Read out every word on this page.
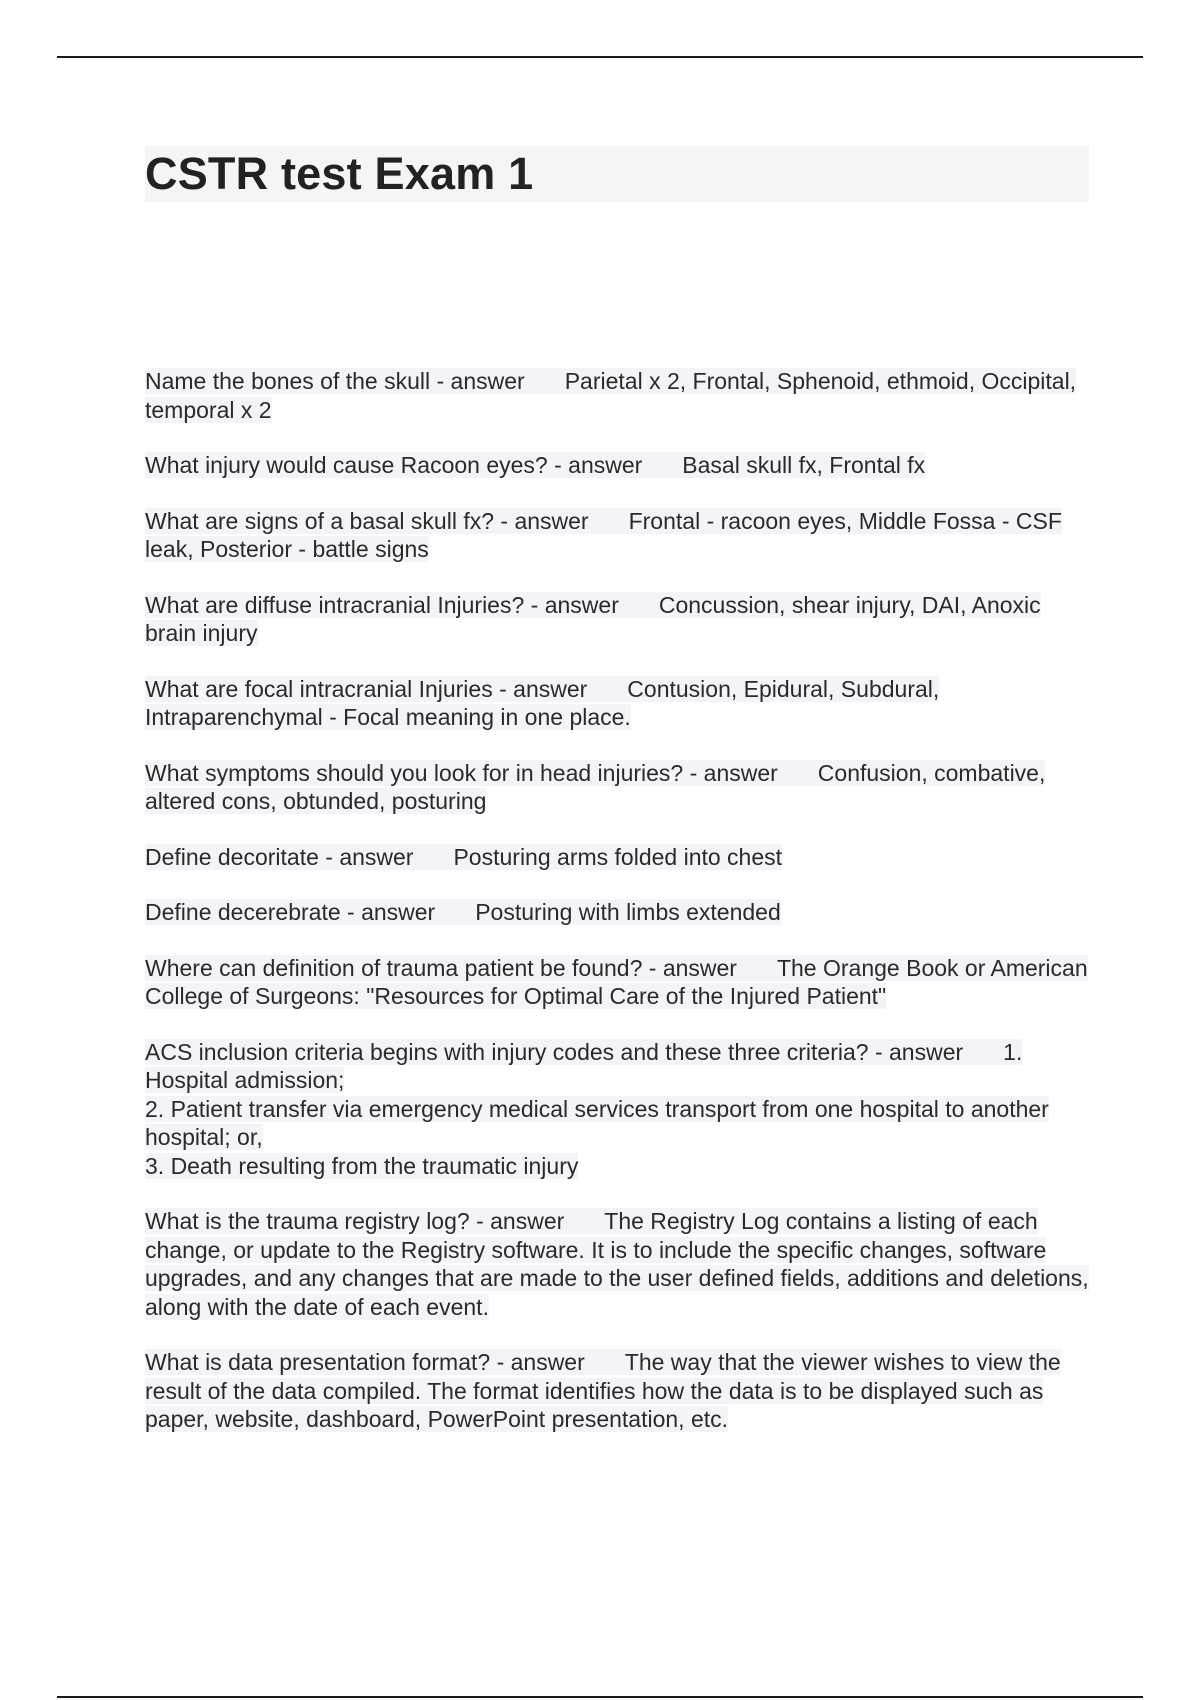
CSTR test Exam 1

Name the bones of the skull - answer Parietal x 2, Frontal, Sphenoid, ethmoid, Occipital, temporal x 2

What injury would cause Racoon eyes? - answer Basal skull fx, Frontal fx

What are signs of a basal skull fx? - answer Frontal - racoon eyes, Middle Fossa - CSF leak, Posterior - battle signs

What are diffuse intracranial Injuries? - answer Concussion, shear injury, DAI, Anoxic brain injury

What are focal intracranial Injuries - answer Contusion, Epidural, Subdural, Intraparenchymal - Focal meaning in one place.

What symptoms should you look for in head injuries? - answer Confusion, combative, altered cons, obtunded, posturing

Define decoritate - answer Posturing arms folded into chest

Define decerebrate - answer Posturing with limbs extended

Where can definition of trauma patient be found? - answer The Orange Book or American College of Surgeons: "Resources for Optimal Care of the Injured Patient"

ACS inclusion criteria begins with injury codes and these three criteria? - answer 1. Hospital admission;
2. Patient transfer via emergency medical services transport from one hospital to another hospital; or,
3. Death resulting from the traumatic injury

What is the trauma registry log? - answer The Registry Log contains a listing of each change, or update to the Registry software. It is to include the specific changes, software upgrades, and any changes that are made to the user defined fields, additions and deletions, along with the date of each event.

What is data presentation format? - answer The way that the viewer wishes to view the result of the data compiled. The format identifies how the data is to be displayed such as paper, website, dashboard, PowerPoint presentation, etc.
